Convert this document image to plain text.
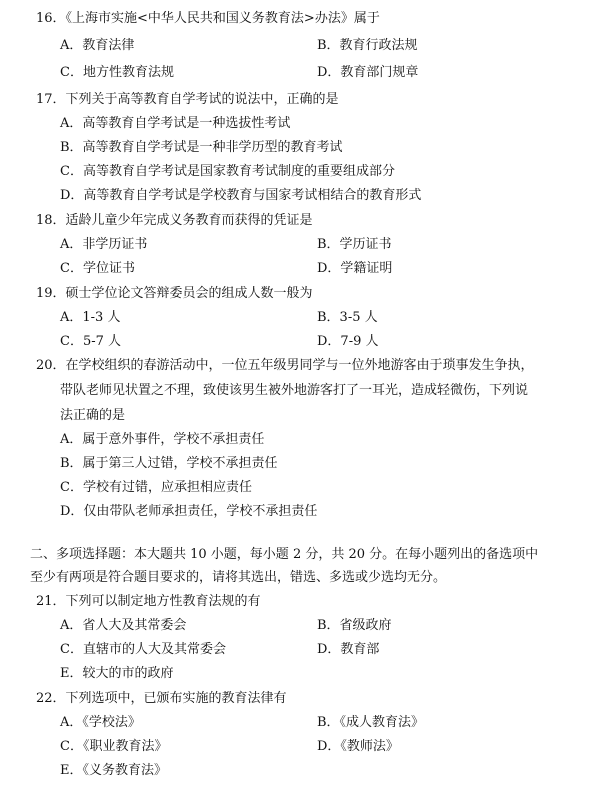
16．《上海市实施<中华人民共和国义务教育法>办法》属于
A．教育法律	B．教育行政法规
C．地方性教育法规	D．教育部门规章
17．下列关于高等教育自学考试的说法中，正确的是
A．高等教育自学考试是一种选拔性考试
B．高等教育自学考试是一种非学历型的教育考试
C．高等教育自学考试是国家教育考试制度的重要组成部分
D．高等教育自学考试是学校教育与国家考试相结合的教育形式
18．适龄儿童少年完成义务教育而获得的凭证是
A．非学历证书	B．学历证书
C．学位证书	D．学籍证明
19．硕士学位论文答辩委员会的组成人数一般为
A．1-3 人	B．3-5 人
C．5-7 人	D．7-9 人
20．在学校组织的春游活动中，一位五年级男同学与一位外地游客由于琐事发生争执，
带队老师见状置之不理，致使该男生被外地游客打了一耳光，造成轻微伤，下列说
法正确的是
A．属于意外事件，学校不承担责任
B．属于第三人过错，学校不承担责任
C．学校有过错，应承担相应责任
D．仅由带队老师承担责任，学校不承担责任
二、多项选择题：本大题共 10 小题，每小题 2 分，共 20 分。在每小题列出的备选项中
至少有两项是符合题目要求的，请将其选出，错选、多选或少选均无分。
21．下列可以制定地方性教育法规的有
A．省人大及其常委会	B．省级政府
C．直辖市的人大及其常委会	D．教育部
E．较大的市的政府
22．下列选项中，已颁布实施的教育法律有
A．《学校法》	B．《成人教育法》
C．《职业教育法》	D．《教师法》
E．《义务教育法》
